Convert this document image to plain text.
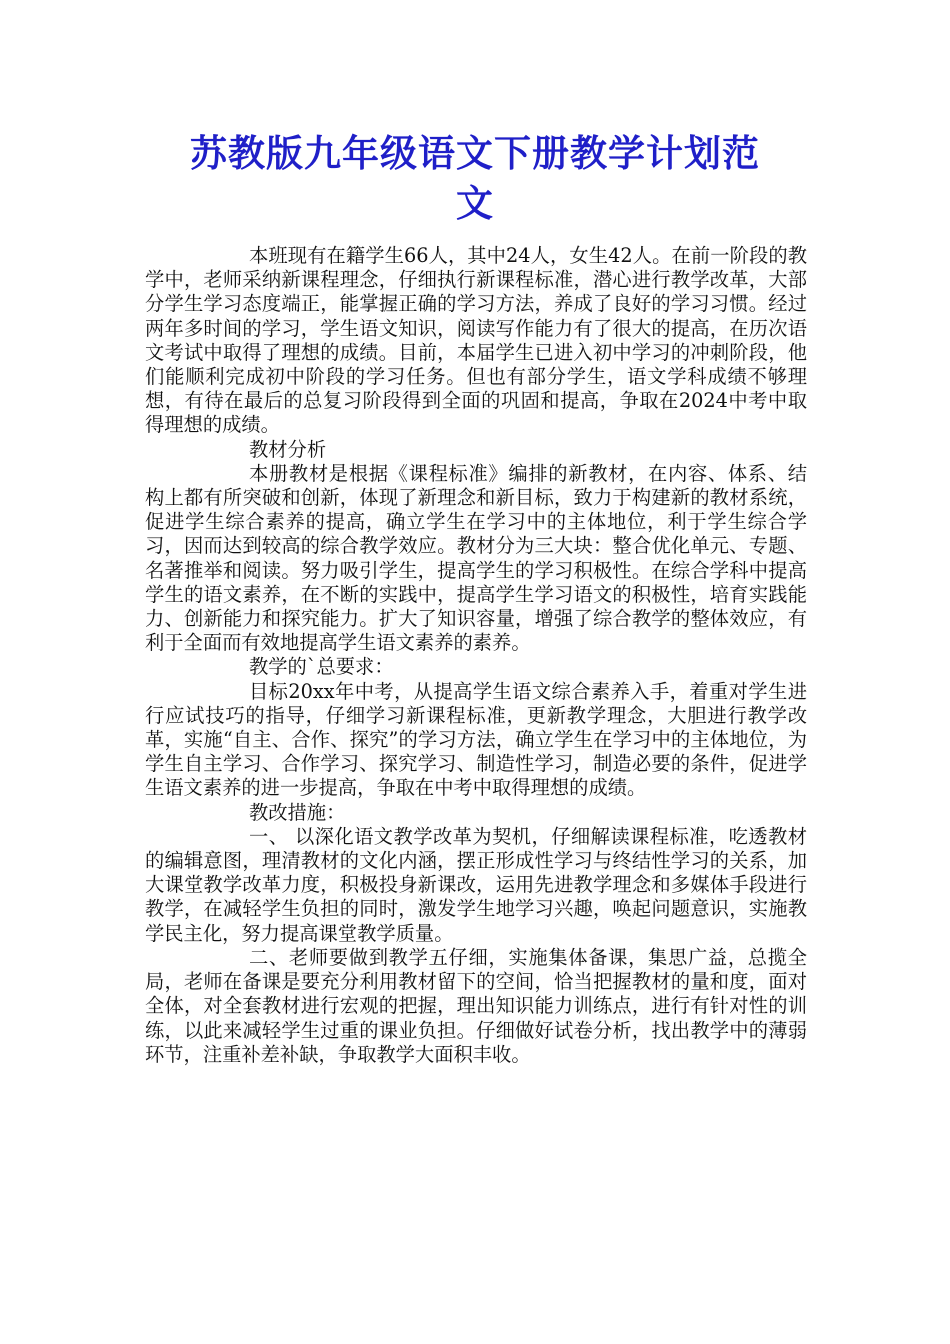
苏教版九年级语文下册教学计划范
文

本班现有在籍学生66人，其中24人，女生42人。在前一阶段的教学中，老师采纳新课程理念，仔细执行新课程标准，潜心进行教学改革，大部分学生学习态度端正，能掌握正确的学习方法，养成了良好的学习习惯。经过两年多时间的学习，学生语文知识，阅读写作能力有了很大的提高，在历次语文考试中取得了理想的成绩。目前，本届学生已进入初中学习的冲刺阶段，他们能顺利完成初中阶段的学习任务。但也有部分学生，语文学科成绩不够理想，有待在最后的总复习阶段得到全面的巩固和提高，争取在2024中考中取得理想的成绩。

教材分析

本册教材是根据《课程标准》编排的新教材，在内容、体系、结构上都有所突破和创新，体现了新理念和新目标，致力于构建新的教材系统，促进学生综合素养的提高，确立学生在学习中的主体地位，利于学生综合学习，因而达到较高的综合教学效应。教材分为三大块：整合优化单元、专题、名著推举和阅读。努力吸引学生，提高学生的学习积极性。在综合学科中提高学生的语文素养，在不断的实践中，提高学生学习语文的积极性，培育实践能力、创新能力和探究能力。扩大了知识容量，增强了综合教学的整体效应，有利于全面而有效地提高学生语文素养的素养。

教学的`总要求：

目标20xx年中考，从提高学生语文综合素养入手，着重对学生进行应试技巧的指导，仔细学习新课程标准，更新教学理念，大胆进行教学改革，实施“自主、合作、探究”的学习方法，确立学生在学习中的主体地位，为学生自主学习、合作学习、探究学习、制造性学习，制造必要的条件，促进学生语文素养的进一步提高，争取在中考中取得理想的成绩。

教改措施：

一、 以深化语文教学改革为契机，仔细解读课程标准，吃透教材的编辑意图，理清教材的文化内涵，摆正形成性学习与终结性学习的关系，加大课堂教学改革力度，积极投身新课改，运用先进教学理念和多媒体手段进行教学，在减轻学生负担的同时，激发学生地学习兴趣，唤起问题意识，实施教学民主化，努力提高课堂教学质量。

二、老师要做到教学五仔细，实施集体备课，集思广益，总揽全局，老师在备课是要充分利用教材留下的空间，恰当把握教材的量和度，面对全体，对全套教材进行宏观的把握，理出知识能力训练点，进行有针对性的训练，以此来减轻学生过重的课业负担。仔细做好试卷分析，找出教学中的薄弱环节，注重补差补缺，争取教学大面积丰收。
